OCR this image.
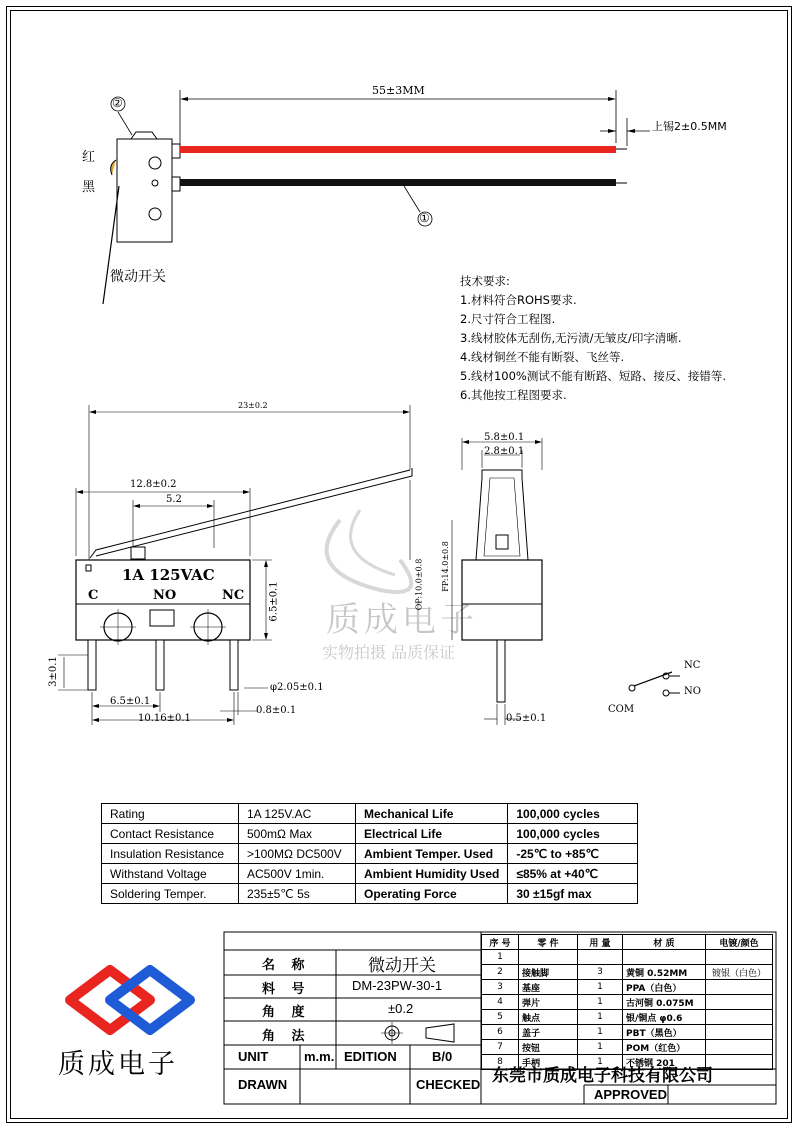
55±3MM
上锡2±0.5MM
红
黑
②
①
微动开关	技术要求:
1.材料符合ROHS要求.
2.尺寸符合工程图.
3.线材胶体无刮伤,无污渍/无皱皮/印字清晰.
4.线材铜丝不能有断裂、飞丝等.
5.线材100%测试不能有断路、短路、接反、接错等.
6.其他按工程图要求.
23±0.2
12.8±0.2
5.2
1A 125VAC
C	NO	NC 6.5±0.1
3±0.1
φ2.05±0.1
6.5±0.1
0.8±0.1
10.16±0.1
OP:10.0±0.8 FP:14.0±0.8
5.8±0.1
2.8±0.1
0.5±0.1
NC
NO
COM
质成电子
实物拍摄 品质保证
Rating	1A 125V.AC	Mechanical Life	100,000 cycles
Contact Resistance	500mΩ Max	Electrical Life	100,000 cycles
Insulation Resistance	>100MΩ DC500V	Ambient Temper. Used	-25℃ to +85℃
Withstand Voltage	AC500V 1min.	Ambient Humidity Used	≤85% at +40℃
Soldering Temper.	235±5℃ 5s	Operating Force	30 ±15gf max
序 号	零 件	用 量	材 质	电镀/颜色
1				
2	接触脚	3	黄铜 0.52MM	镀银（白色）
3	基座	1	PPA（白色）	
4	弹片	1	古河铜 0.075M	
5	触点	1	银/铜点 φ0.6	
6	盖子	1	PBT（黑色）	
7	按钮	1	POM（红色）	
8	手柄	1	不锈钢 201	
名 称	微动开关
料 号	DM-23PW-30-1
角 度	±0.2
角 法
UNIT	m.m. EDITION	B/0
DRAWN	CHECKED
APPROVED
东莞市质成电子科技有限公司
质成电子
